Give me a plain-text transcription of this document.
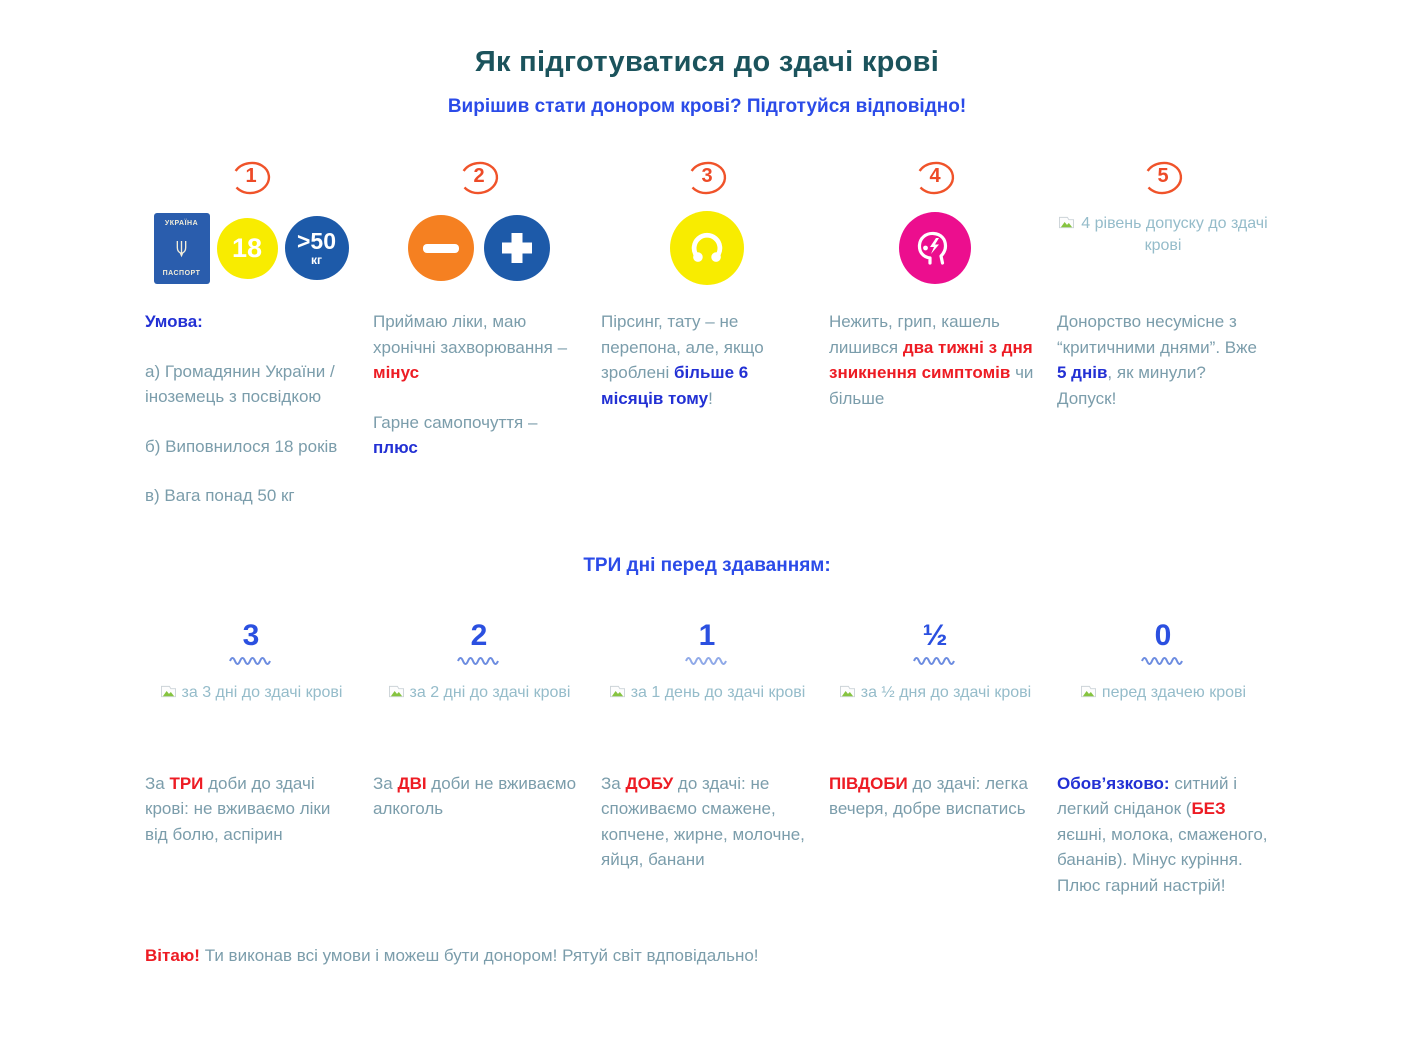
Як підготуватися до здачі крові

Вирішив стати донором крові? Підготуйся відповідно!

1
УКРАЇНА
ПАСПОРТ
18 >50
кг

Умова:

а) Громадянин України / іноземець з посвідкою

б) Виповнилося 18 років

в) Вага понад 50 кг

2

Приймаю ліки, маю хронічні захворювання – мінус

Гарне самопочуття – плюс

3

Пірсинг, тату – не перепона, але, якщо зроблені більше 6 місяців тому!

4

Нежить, грип, кашель лишився два тижні з дня зникнення симптомів чи більше

5
4 рівень допуску до здачі крові

Донорство несумісне з “критичними днями”. Вже 5 днів, як минули? Допуск!

ТРИ дні перед здаванням:
3
за 3 дні до здачі крові

За ТРИ доби до здачі крові: не вживаємо ліки від болю, аспірин

2
за 2 дні до здачі крові

За ДВІ доби не вживаємо алкоголь

1
за 1 день до здачі крові

За ДОБУ до здачі: не споживаємо смажене, копчене, жирне, молочне, яйця, банани

½
за ½ дня до здачі крові

ПІВДОБИ до здачі: легка вечеря, добре виспатись

0
перед здачею крові

Обов’язково: ситний і легкий сніданок (БЕЗ яєшні, молока, смаженого, бананів). Мінус куріння. Плюс гарний настрій!

Вітаю! Ти виконав всі умови і можеш бути донором! Рятуй світ вдповідально!
